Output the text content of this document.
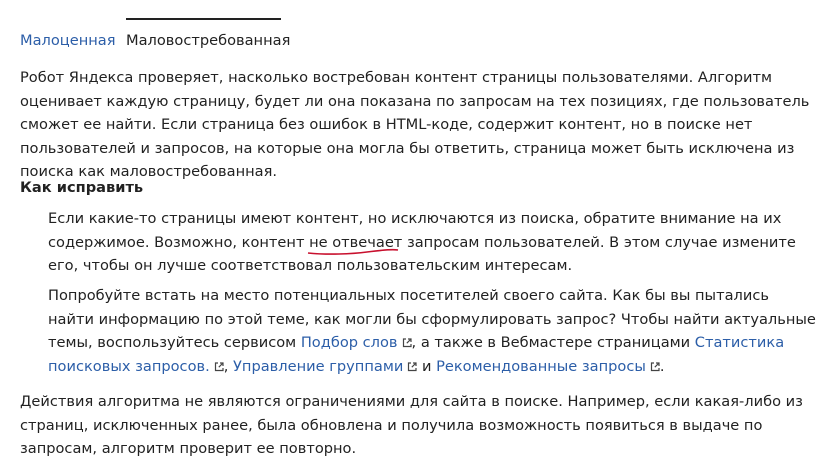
Малоценная Маловостребованная

Робот Яндекса проверяет, насколько востребован контент страницы пользователями. Алгоритм оценивает каждую страницу, будет ли она показана по запросам на тех позициях, где пользователь сможет ее найти. Если страница без ошибок в HTML-коде, содержит контент, но в поиске нет пользователей и запросов, на которые она могла бы ответить, страница может быть исключена из поиска как маловостребованная.

Как исправить

Если какие-то страницы имеют контент, но исключаются из поиска, обратите внимание на их содержимое. Возможно, контент не отвечает
запросам пользователей. В этом случае измените его, чтобы он лучше соответствовал пользовательским интересам.

Попробуйте встать на место потенциальных посетителей своего сайта. Как бы вы пытались найти информацию по этой теме, как могли бы сформулировать запрос? Чтобы найти актуальные темы, воспользуйтесь сервисом Подбор слов , а также в Вебмастере страницами Статистика поисковых запросов. , Управление группами
и Рекомендованные запросы .

Действия алгоритма не являются ограничениями для сайта в поиске. Например, если какая-либо из страниц, исключенных ранее, была обновлена и получила возможность появиться в выдаче по запросам, алгоритм проверит ее повторно.
